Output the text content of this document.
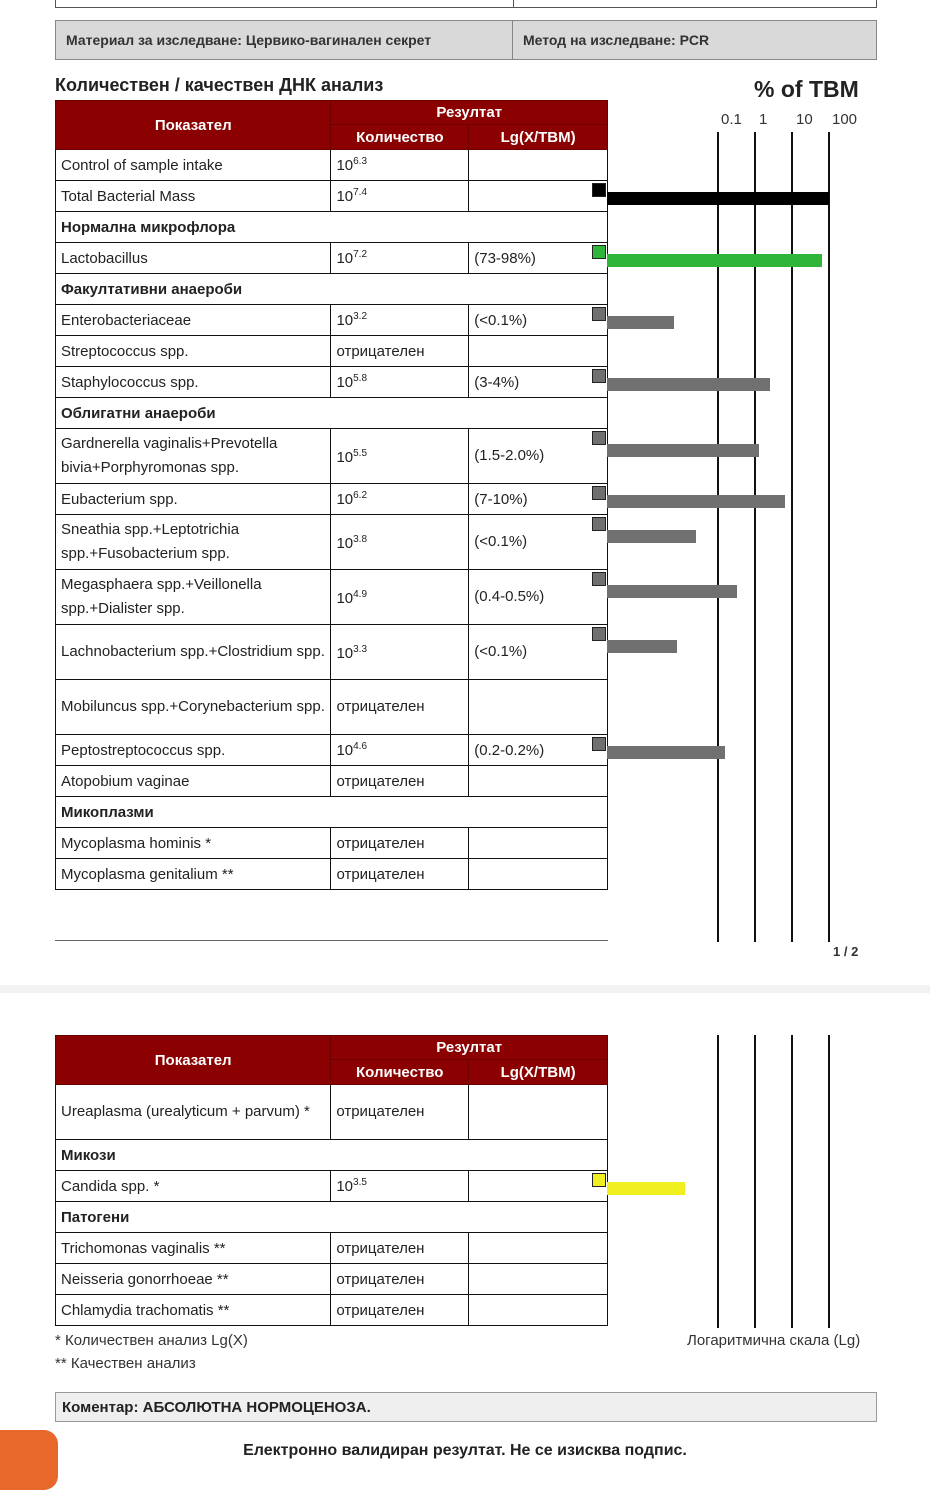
Материал за изследване: Цервико-вагинален секрет	Метод на изследване: PCR
Количествен / качествен ДНК анализ	% of TBM
0.1 1 10 100
Показател	Резултат	
	Количество	Lg(X/TBM)
Control of sample intake	$10^{6.3}$	
Total Bacterial Mass	$10^{7.4}$	

Нормална микрофлора		
Lactobacillus	$10^{7.2}$	(73-98%)

Факултативни анаероби		
Enterobacteriaceae	$10^{3.2}$	(<0.1%)

Streptococcus spp.	отрицателен	
Staphylococcus spp.	$10^{5.8}$	(3-4%)

Облигатни анаероби		
Gardnerella vaginalis+Prevotella bivia+Porphyromonas spp.	$10^{5.5}$	(1.5-2.0%)

Eubacterium spp.	$10^{6.2}$	(7-10%)

Sneathia spp.+Leptotrichia spp.+Fusobacterium spp.	$10^{3.8}$	(<0.1%)

Megasphaera spp.+Veillonella spp.+Dialister spp.	$10^{4.9}$	(0.4-0.5%)

Lachnobacterium spp.+Clostridium spp.	$10^{3.3}$	(<0.1%)

Mobiluncus spp.+Corynebacterium spp.	отрицателен	
Peptostreptococcus spp.	$10^{4.6}$	(0.2-0.2%)

Atopobium vaginae	отрицателен	
Микоплазми		
Mycoplasma hominis *	отрицателен	
Mycoplasma genitalium **	отрицателен	
1 / 2
Показател	Резултат	
	Количество	Lg(X/TBM)
Ureaplasma (urealyticum + parvum) *	отрицателен	
Микози		
Candida spp. *	$10^{3.5}$	

Патогени		
Trichomonas vaginalis **	отрицателен	
Neisseria gonorrhoeae **	отрицателен	
Chlamydia trachomatis **	отрицателен	
* Количествен анализ Lg(X)
** Качествен анализ
Логаритмична скала (Lg)
Коментар: АБСОЛЮТНА НОРМОЦЕНОЗА.
Електронно валидиран резултат. Не се изисква подпис.
